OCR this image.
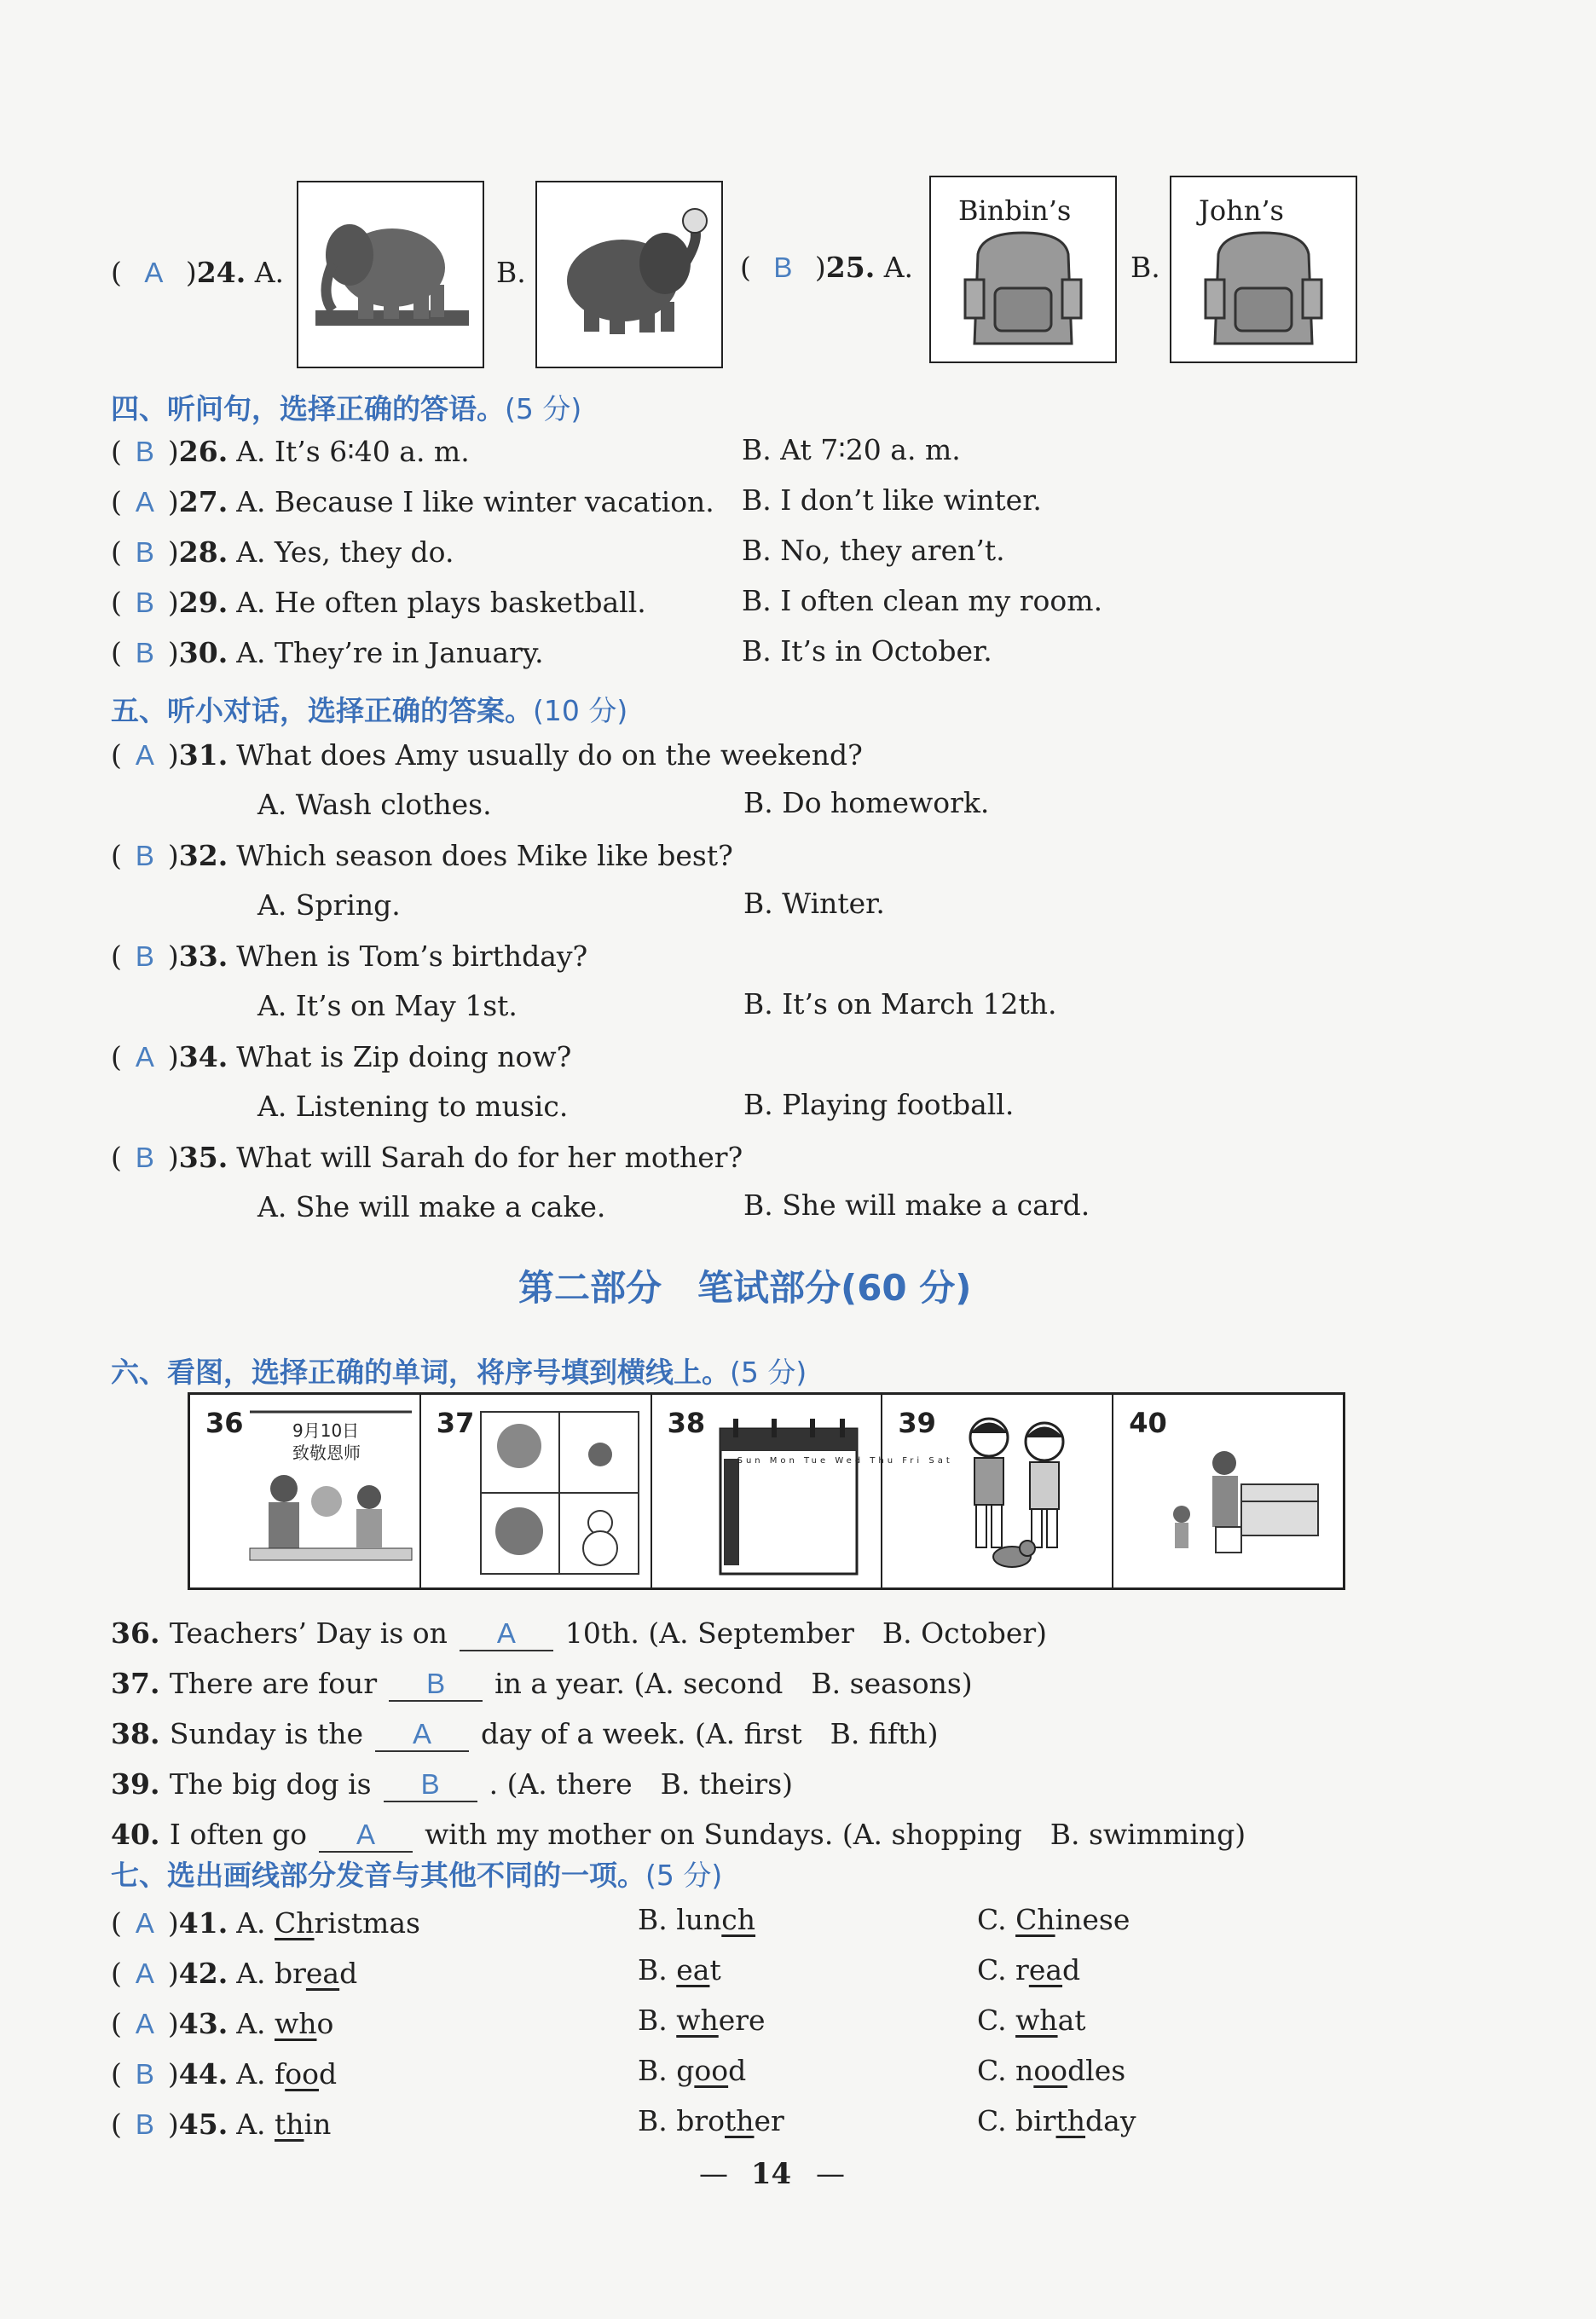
( A )24. A.	B.	( B )25. A.
Binbin’s
B.
John’s
四、听问句，选择正确的答语。(5 分)
( B )26. A. It’s 6∶40 a. m.	B. At 7∶20 a. m.
( A )27. A. Because I like winter vacation. B. I don’t like winter.
( B )28. A. Yes, they do.	B. No, they aren’t.
( B )29. A. He often plays basketball.	B. I often clean my room.
( B )30. A. They’re in January.	B. It’s in October.
五、听小对话，选择正确的答案。(10 分)
( A )31. What does Amy usually do on the weekend?
A. Wash clothes.	B. Do homework.
( B )32. Which season does Mike like best?
A. Spring.	B. Winter.
( B )33. When is Tom’s birthday?
A. It’s on May 1st.	B. It’s on March 12th.
( A )34. What is Zip doing now?
A. Listening to music.	B. Playing football.
( B )35. What will Sarah do for her mother?
A. She will make a cake.	B. She will make a card.
第二部分　笔试部分(60 分)
六、看图，选择正确的单词，将序号填到横线上。(5 分)
36	9月10日
致敬恩师
37	38
Sun Mon Tue Wed Thu Fri Sat
39	40
36. Teachers’ Day is on A 10th. (A. September　B. October)
37. There are four B in a year. (A. second　B. seasons)
38. Sunday is the A day of a week. (A. first　B. fifth)
39. The big dog is B . (A. there　B. theirs)
40. I often go A with my mother on Sundays. (A. shopping　B. swimming)
七、选出画线部分发音与其他不同的一项。(5 分)
( A )41. A. Christmas	B. lunch	C. Chinese
( A )42. A. bread	B. eat	C. read
( A )43. A. who	B. where	C. what
( B )44. A. food	B. good	C. noodles
( B )45. A. thin	B. brother	C. birthday
— 14 —
